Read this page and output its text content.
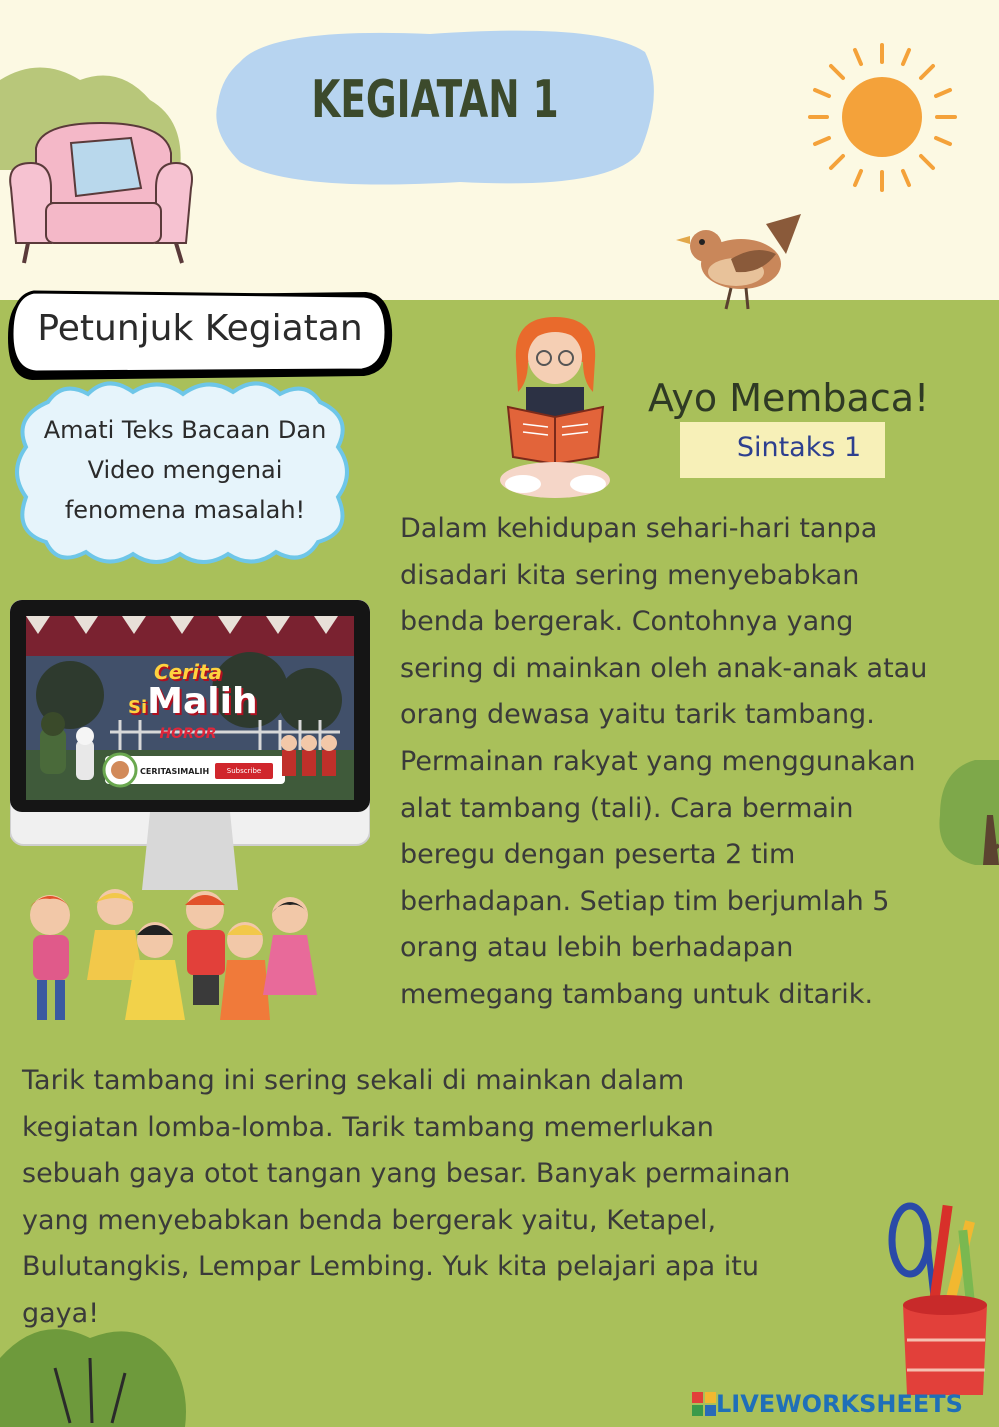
KEGIATAN 1
Petunjuk Kegiatan
Amati Teks Bacaan Dan
Video mengenai
fenomena masalah!
Ayo Membaca!
Sintaks 1
Dalam kehidupan sehari-hari tanpa
disadari kita sering menyebabkan
benda bergerak. Contohnya yang
sering di mainkan oleh anak-anak atau
orang dewasa yaitu tarik tambang.
Permainan rakyat yang menggunakan
alat tambang (tali). Cara bermain
beregu dengan peserta 2 tim
berhadapan. Setiap tim berjumlah 5
orang atau lebih berhadapan
memegang tambang untuk ditarik.
Cerita
SiMalih
HOROR
CERITASIMALIH	Subscribe
Tarik tambang ini sering sekali di mainkan dalam
kegiatan lomba-lomba. Tarik tambang memerlukan
sebuah gaya otot tangan yang besar. Banyak permainan
yang menyebabkan benda bergerak yaitu, Ketapel,
Bulutangkis, Lempar Lembing. Yuk kita pelajari apa itu
gaya!
LIVEWORKSHEETS
